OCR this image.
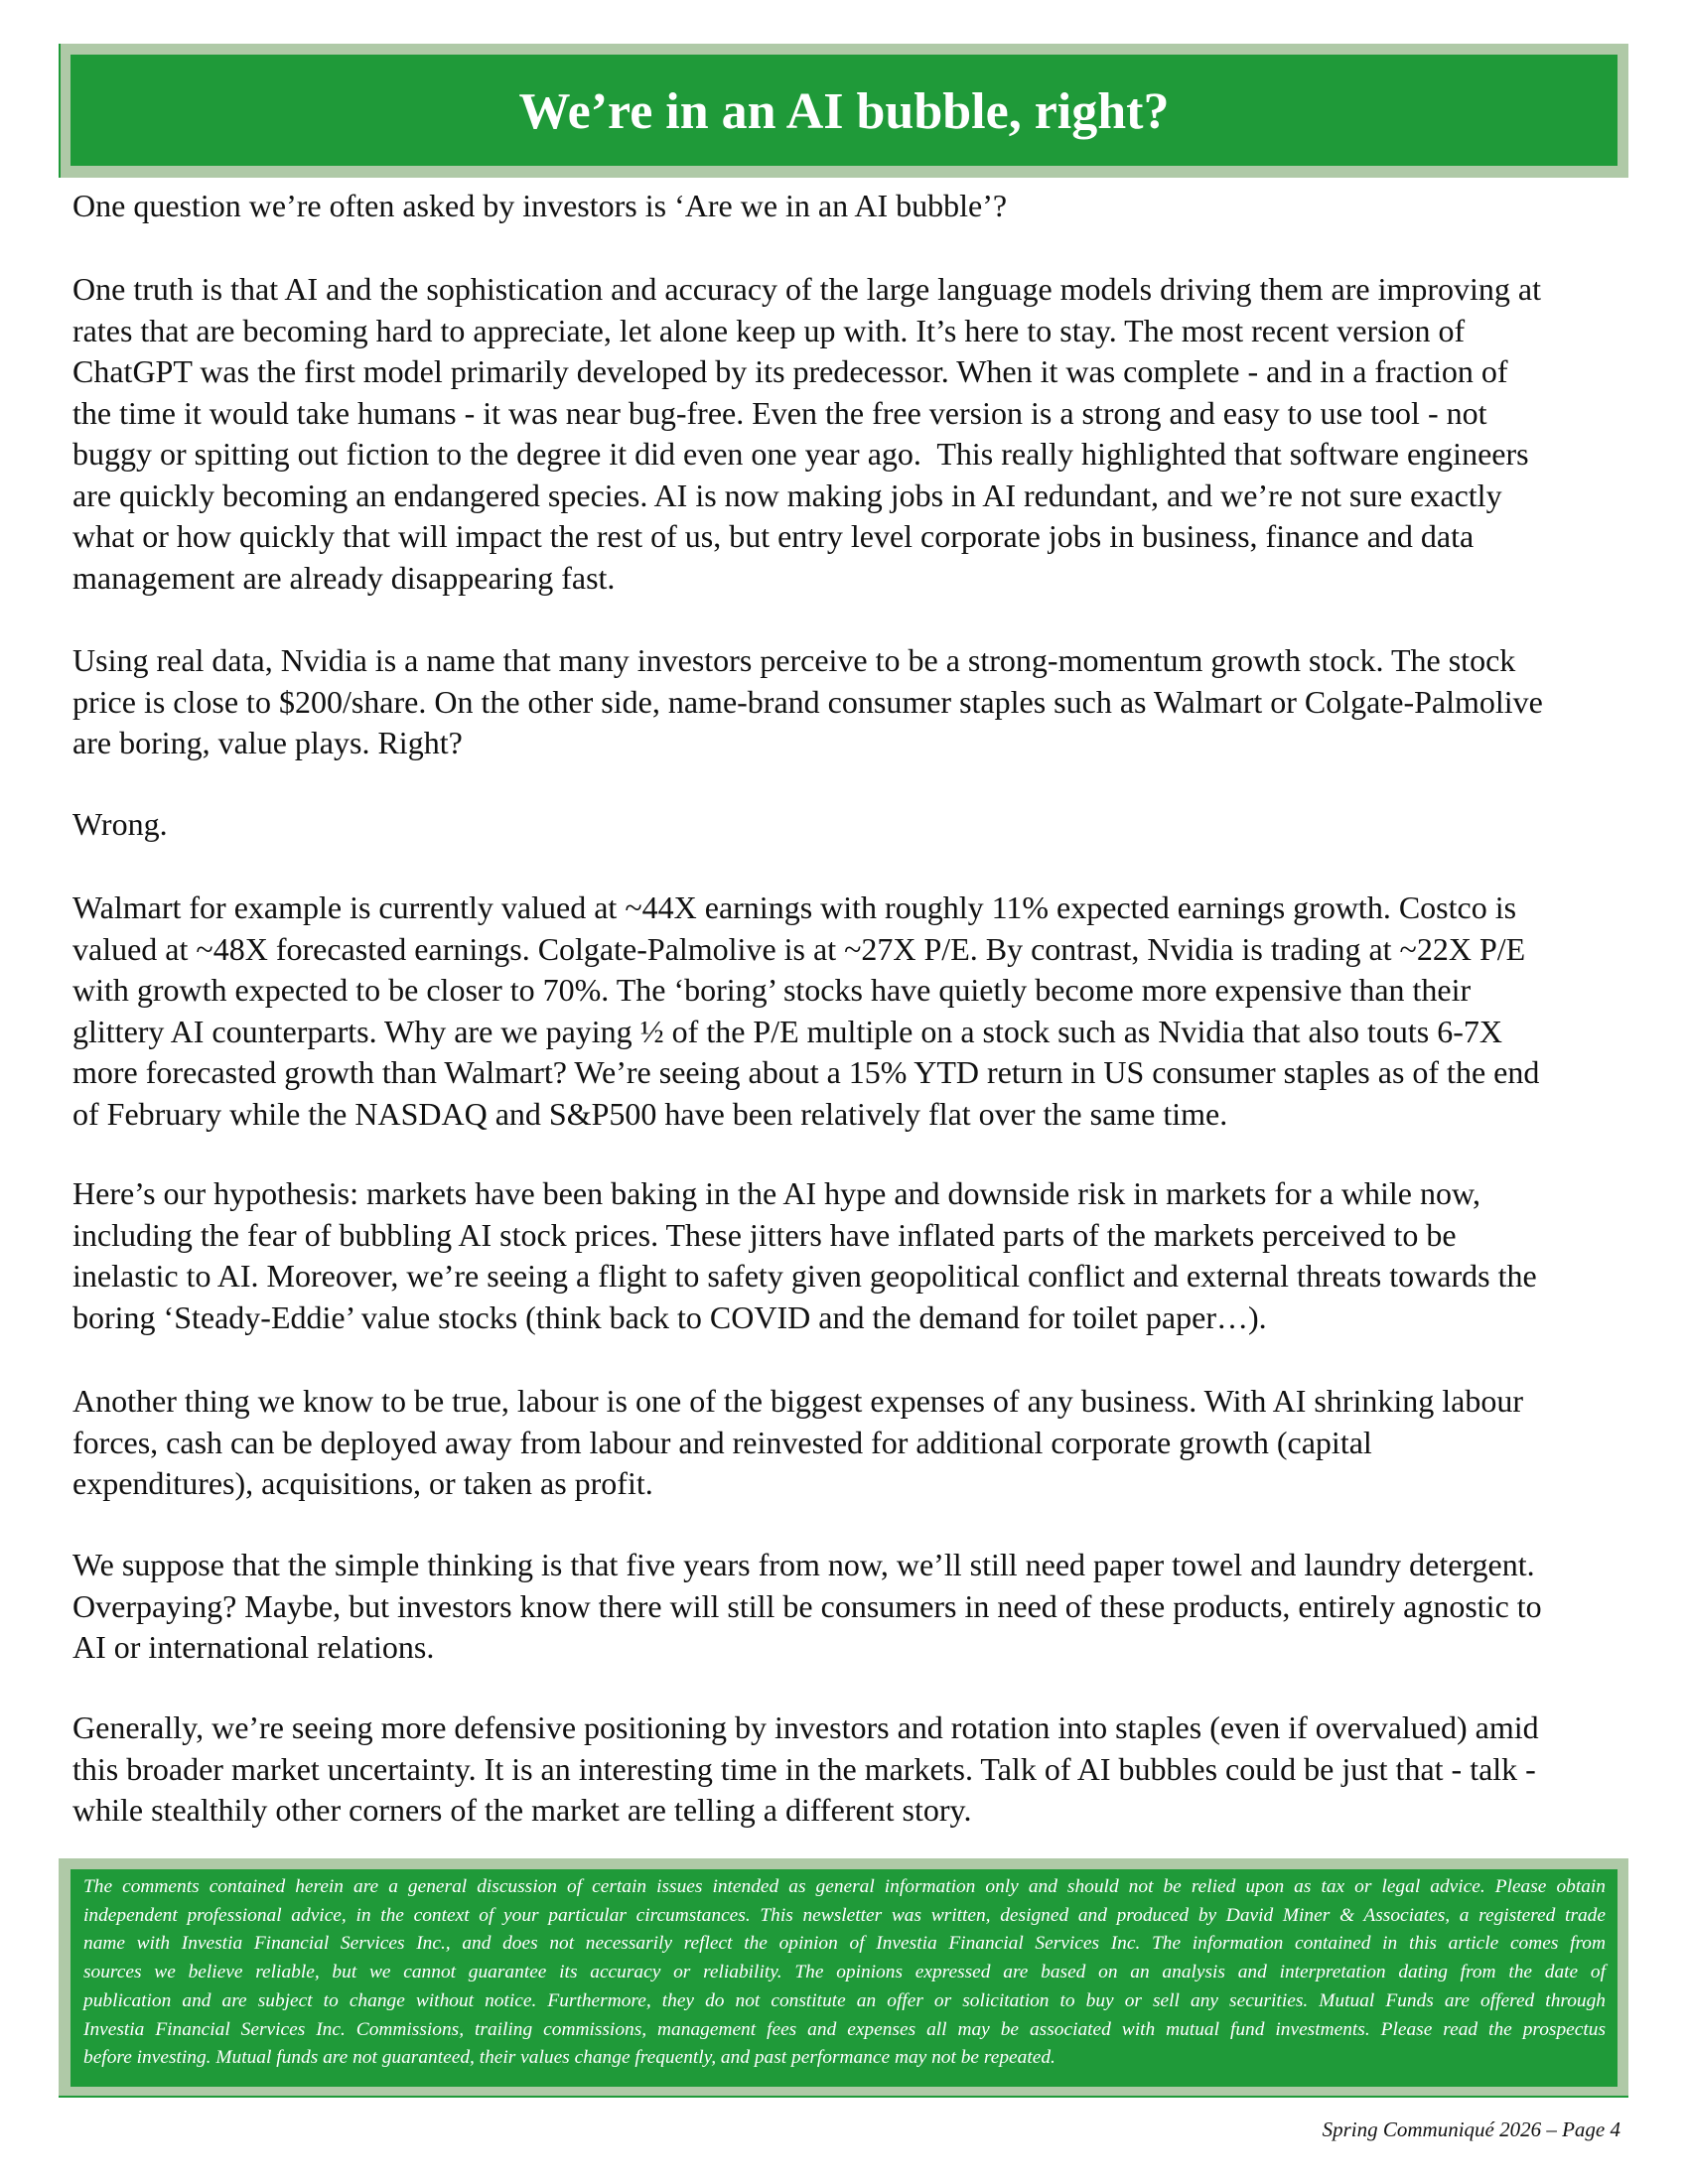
We’re in an AI bubble, right?

One question we’re often asked by investors is ‘Are we in an AI bubble’?

One truth is that AI and the sophistication and accuracy of the large language models driving them are improving at
rates that are becoming hard to appreciate, let alone keep up with. It’s here to stay. The most recent version of
ChatGPT was the first model primarily developed by its predecessor. When it was complete - and in a fraction of
the time it would take humans - it was near bug-free. Even the free version is a strong and easy to use tool - not
buggy or spitting out fiction to the degree it did even one year ago.  This really highlighted that software engineers
are quickly becoming an endangered species. AI is now making jobs in AI redundant, and we’re not sure exactly
what or how quickly that will impact the rest of us, but entry level corporate jobs in business, finance and data
management are already disappearing fast.

Using real data, Nvidia is a name that many investors perceive to be a strong-momentum growth stock. The stock
price is close to $200/share. On the other side, name-brand consumer staples such as Walmart or Colgate-Palmolive
are boring, value plays. Right?

Wrong.

Walmart for example is currently valued at ~44X earnings with roughly 11% expected earnings growth. Costco is
valued at ~48X forecasted earnings. Colgate-Palmolive is at ~27X P/E. By contrast, Nvidia is trading at ~22X P/E
with growth expected to be closer to 70%. The ‘boring’ stocks have quietly become more expensive than their
glittery AI counterparts. Why are we paying ½ of the P/E multiple on a stock such as Nvidia that also touts 6-7X
more forecasted growth than Walmart? We’re seeing about a 15% YTD return in US consumer staples as of the end
of February while the NASDAQ and S&P500 have been relatively flat over the same time.

Here’s our hypothesis: markets have been baking in the AI hype and downside risk in markets for a while now,
including the fear of bubbling AI stock prices. These jitters have inflated parts of the markets perceived to be
inelastic to AI. Moreover, we’re seeing a flight to safety given geopolitical conflict and external threats towards the
boring ‘Steady-Eddie’ value stocks (think back to COVID and the demand for toilet paper…).

Another thing we know to be true, labour is one of the biggest expenses of any business. With AI shrinking labour
forces, cash can be deployed away from labour and reinvested for additional corporate growth (capital
expenditures), acquisitions, or taken as profit.

We suppose that the simple thinking is that five years from now, we’ll still need paper towel and laundry detergent.
Overpaying? Maybe, but investors know there will still be consumers in need of these products, entirely agnostic to
AI or international relations.

Generally, we’re seeing more defensive positioning by investors and rotation into staples (even if overvalued) amid
this broader market uncertainty. It is an interesting time in the markets. Talk of AI bubbles could be just that - talk -
while stealthily other corners of the market are telling a different story.

The comments contained herein are a general discussion of certain issues intended as general information only and should not be relied upon as tax or legal advice. Please obtain
independent professional advice, in the context of your particular circumstances. This newsletter was written, designed and produced by David Miner & Associates, a registered trade
name with Investia Financial Services Inc., and does not necessarily reflect the opinion of Investia Financial Services Inc. The information contained in this article comes from
sources we believe reliable, but we cannot guarantee its accuracy or reliability. The opinions expressed are based on an analysis and interpretation dating from the date of
publication and are subject to change without notice. Furthermore, they do not constitute an offer or solicitation to buy or sell any securities. Mutual Funds are offered through
Investia Financial Services Inc. Commissions, trailing commissions, management fees and expenses all may be associated with mutual fund investments. Please read the prospectus
before investing. Mutual funds are not guaranteed, their values change frequently, and past performance may not be repeated.
Spring Communiqué 2026 – Page 4
